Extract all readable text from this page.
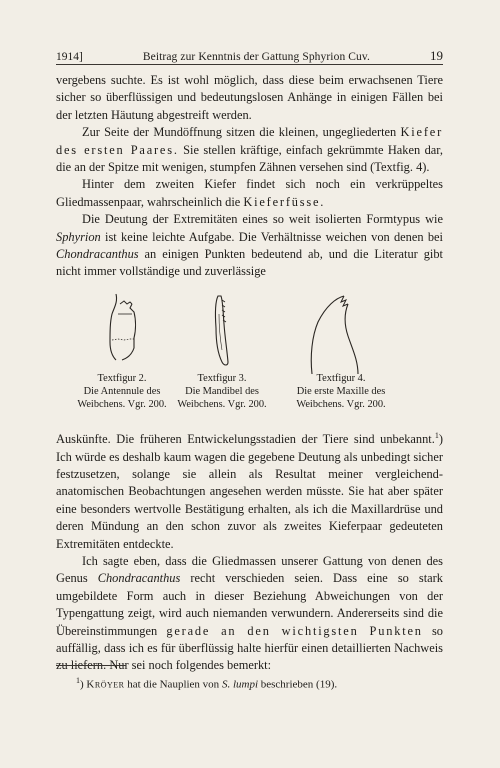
1914]	Beitrag zur Kenntnis der Gattung Sphyrion Cuv.	19

vergebens suchte. Es ist wohl möglich, dass diese beim erwachsenen Tiere sicher so überflüssigen und bedeutungslosen Anhänge in einigen Fällen bei der letzten Häutung abgestreift werden.

Zur Seite der Mundöffnung sitzen die kleinen, ungegliederten Kiefer des ersten Paares. Sie stellen kräftige, einfach gekrümmte Haken dar, die an der Spitze mit wenigen, stumpfen Zähnen versehen sind (Textfig. 4).

Hinter dem zweiten Kiefer findet sich noch ein verkrüppeltes Gliedmassenpaar, wahrscheinlich die Kieferfüsse.

Die Deutung der Extremitäten eines so weit isolierten Formtypus wie Sphyrion ist keine leichte Aufgabe. Die Verhältnisse weichen von denen bei Chondracanthus an einigen Punkten bedeutend ab, und die Literatur gibt nicht immer vollständige und zuverlässige

Textfigur 2.
Die Antennule des
Weibchens. Vgr. 200.
Textfigur 3.
Die Mandibel des
Weibchens. Vgr. 200.
Textfigur 4.
Die erste Maxille des
Weibchens. Vgr. 200.

Auskünfte. Die früheren Entwickelungsstadien der Tiere sind unbekannt.$^1$) Ich würde es deshalb kaum wagen die gegebene Deutung als unbedingt sicher festzusetzen, solange sie allein als Resultat meiner vergleichend-anatomischen Beobachtungen angesehen werden müsste. Sie hat aber später eine besonders wertvolle Bestätigung erhalten, als ich die Maxillardrüse und deren Mündung an den schon zuvor als zweites Kieferpaar gedeuteten Extremitäten entdeckte.

Ich sagte eben, dass die Gliedmassen unserer Gattung von denen des Genus Chondracanthus recht verschieden seien. Dass eine so stark umgebildete Form auch in dieser Beziehung Abweichungen von der Typengattung zeigt, wird auch niemanden verwundern. Andererseits sind die Übereinstimmungen gerade an den wichtigsten Punkten so auffällig, dass ich es für überflüssig halte hierfür einen detaillierten Nachweis zu liefern. Nur sei noch folgendes bemerkt:

$^1$) Kröyer hat die Nauplien von S. lumpi beschrieben (19).
